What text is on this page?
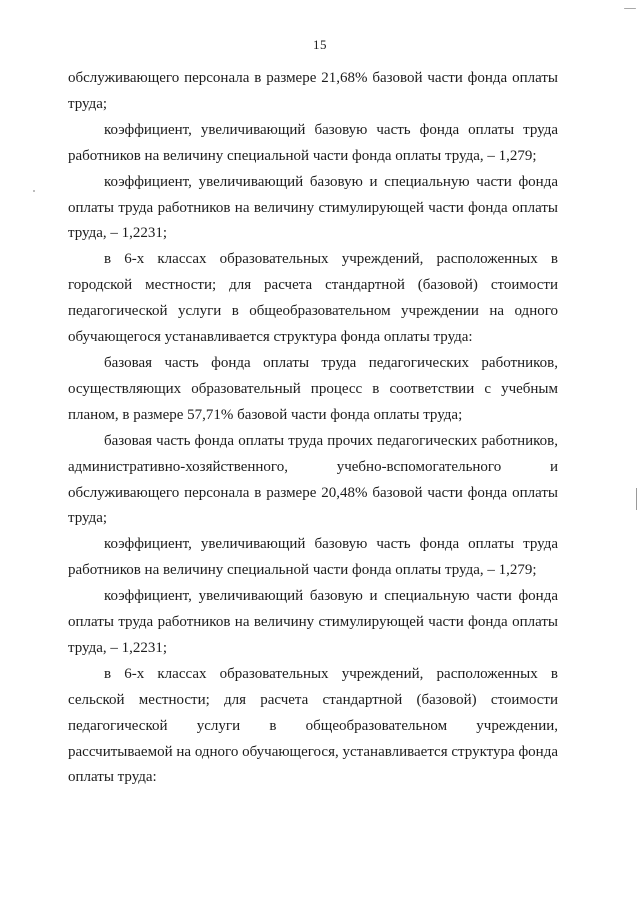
15

обслуживающего персонала в размере 21,68% базовой части фонда оплаты труда;

коэффициент, увеличивающий базовую часть фонда оплаты труда работников на величину специальной части фонда оплаты труда, – 1,279;

коэффициент, увеличивающий базовую и специальную части фонда оплаты труда работников на величину стимулирующей части фонда оплаты труда, – 1,2231;

в 6-х классах образовательных учреждений, расположенных в городской местности; для расчета стандартной (базовой) стоимости педагогической услуги в общеобразовательном учреждении на одного обучающегося устанавливается структура фонда оплаты труда:

базовая часть фонда оплаты труда педагогических работников, осуществляющих образовательный процесс в соответствии с учебным планом, в размере 57,71% базовой части фонда оплаты труда;

базовая часть фонда оплаты труда прочих педагогических работников, административно-хозяйственного, учебно-вспомогательного и обслуживающего персонала в размере 20,48% базовой части фонда оплаты труда;

коэффициент, увеличивающий базовую часть фонда оплаты труда работников на величину специальной части фонда оплаты труда, – 1,279;

коэффициент, увеличивающий базовую и специальную части фонда оплаты труда работников на величину стимулирующей части фонда оплаты труда, – 1,2231;

в 6-х классах образовательных учреждений, расположенных в сельской местности; для расчета стандартной (базовой) стоимости педагогической услуги в общеобразовательном учреждении, рассчитываемой на одного обучающегося, устанавливается структура фонда оплаты труда:
